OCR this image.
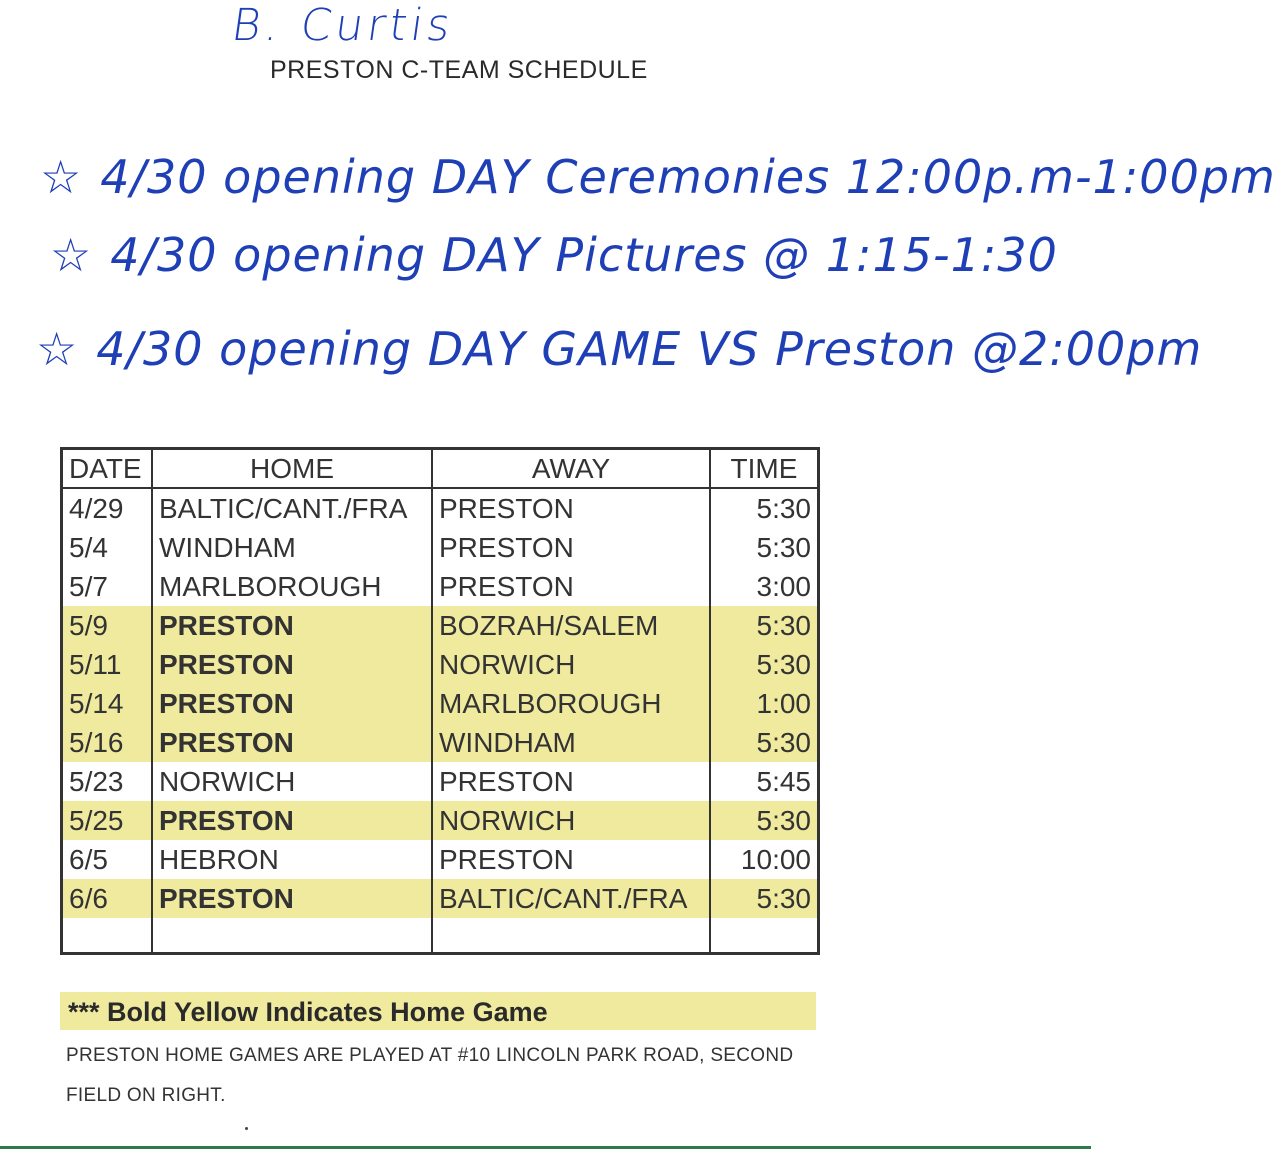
B. Curtis
PRESTON C-TEAM SCHEDULE
☆ 4/30 opening DAY Ceremonies 12:00p.m-1:00pm
☆ 4/30 opening DAY Pictures @ 1:15-1:30
☆ 4/30 opening DAY GAME VS Preston @2:00pm
DATE	HOME	AWAY	TIME
4/29	BALTIC/CANT./FRA	PRESTON	5:30
5/4	WINDHAM	PRESTON	5:30
5/7	MARLBOROUGH	PRESTON	3:00
5/9	PRESTON	BOZRAH/SALEM	5:30
5/11	PRESTON	NORWICH	5:30
5/14	PRESTON	MARLBOROUGH	1:00
5/16	PRESTON	WINDHAM	5:30
5/23	NORWICH	PRESTON	5:45
5/25	PRESTON	NORWICH	5:30
6/5	HEBRON	PRESTON	10:00
6/6	PRESTON	BALTIC/CANT./FRA	5:30

*** Bold Yellow Indicates Home Game
PRESTON HOME GAMES ARE PLAYED AT #10 LINCOLN PARK ROAD, SECOND
FIELD ON RIGHT.
